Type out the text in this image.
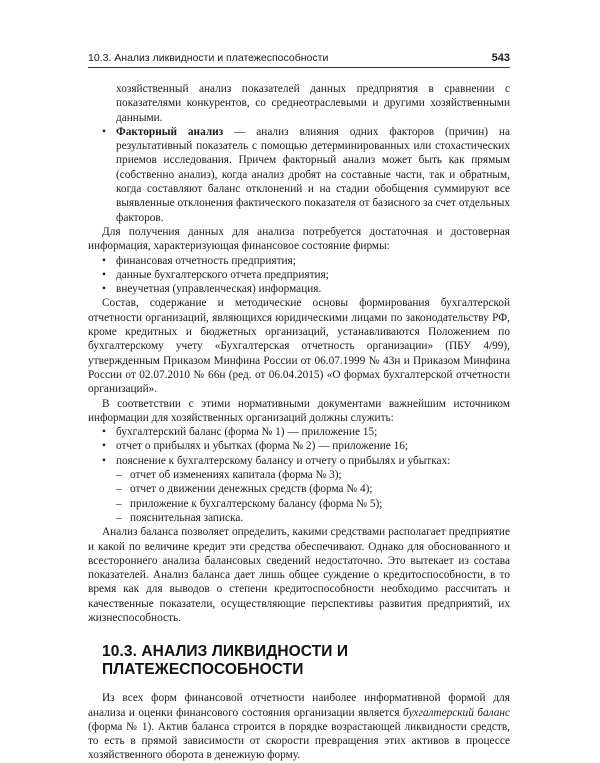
10.3. Анализ ликвидности и платежеспособности	543
хозяйственный анализ показателей данных предприятия в сравнении с показателями конкурентов, со среднеотраслевыми и другими хозяйственными данными.
• Факторный анализ — анализ влияния одних факторов (причин) на результативный показатель с помощью детерминированных или стохастических приемов исследования. Причем факторный анализ может быть как прямым (собственно анализ), когда анализ дробят на составные части, так и обратным, когда составляют баланс отклонений и на стадии обобщения суммируют все выявленные отклонения фактического показателя от базисного за счет отдельных факторов.

Для получения данных для анализа потребуется достаточная и достоверная информация, характеризующая финансовое состояние фирмы:

• финансовая отчетность предприятия;
• данные бухгалтерского отчета предприятия;
• внеучетная (управленческая) информация.

Состав, содержание и методические основы формирования бухгалтерской отчетности организаций, являющихся юридическими лицами по законодательству РФ, кроме кредитных и бюджетных организаций, устанавливаются Положением по бухгалтерскому учету «Бухгалтерская отчетность организации» (ПБУ 4/99), утвержденным Приказом Минфина России от 06.07.1999 № 43н и Приказом Минфина России от 02.07.2010 № 66н (ред. от 06.04.2015) «О формах бухгалтерской отчетности организаций».

В соответствии с этими нормативными документами важнейшим источником информации для хозяйственных организаций должны служить:

• бухгалтерский баланс (форма № 1) — приложение 15;
• отчет о прибылях и убытках (форма № 2) — приложение 16;
• пояснение к бухгалтерскому балансу и отчету о прибылях и убытках:
– отчет об изменениях капитала (форма № 3);
– отчет о движении денежных средств (форма № 4);
– приложение к бухгалтерскому балансу (форма № 5);
– пояснительная записка.

Анализ баланса позволяет определить, какими средствами располагает предприятие и какой по величине кредит эти средства обеспечивают. Однако для обоснованного и всестороннего анализа балансовых сведений недостаточно. Это вытекает из состава показателей. Анализ баланса дает лишь общее суждение о кредитоспособности, в то время как для выводов о степени кредитоспособности необходимо рассчитать и качественные показатели, осуществляющие перспективы развития предприятий, их жизнеспособность.

10.3. АНАЛИЗ ЛИКВИДНОСТИ И ПЛАТЕЖЕСПОСОБНОСТИ

Из всех форм финансовой отчетности наиболее информативной формой для анализа и оценки финансового состояния организации является бухгалтерский баланс (форма № 1). Актив баланса строится в порядке возрастающей ликвидности средств, то есть в прямой зависимости от скорости превращения этих активов в процессе хозяйственного оборота в денежную форму.
